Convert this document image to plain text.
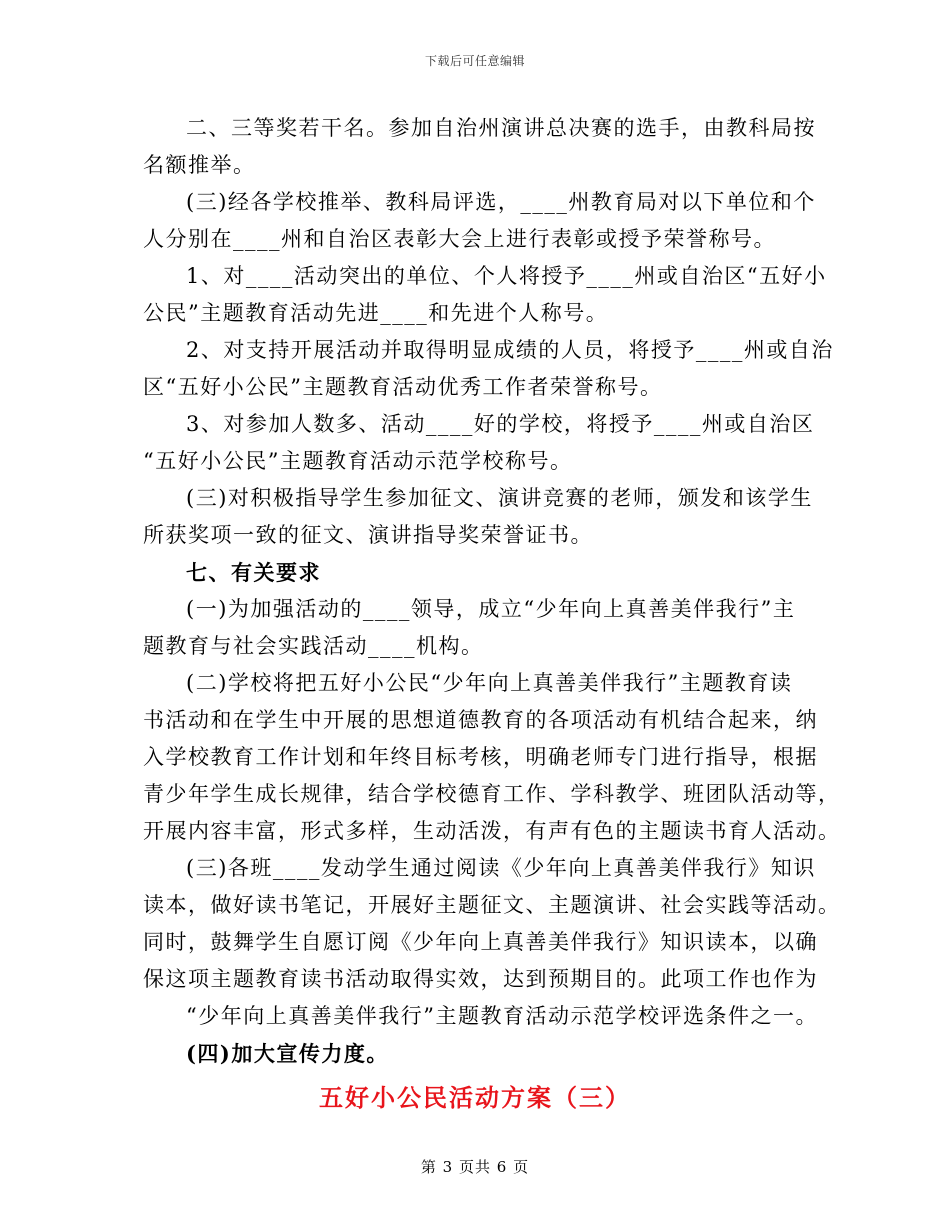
下载后可任意编辑
二、三等奖若干名。参加自治州演讲总决赛的选手，由教科局按
名额推举。
(三)经各学校推举、教科局评选，____州教育局对以下单位和个
人分别在____州和自治区表彰大会上进行表彰或授予荣誉称号。
1、对____活动突出的单位、个人将授予____州或自治区“五好小
公民”主题教育活动先进____和先进个人称号。
2、对支持开展活动并取得明显成绩的人员，将授予____州或自治
区“五好小公民”主题教育活动优秀工作者荣誉称号。
3、对参加人数多、活动____好的学校，将授予____州或自治区
“五好小公民”主题教育活动示范学校称号。
(三)对积极指导学生参加征文、演讲竞赛的老师，颁发和该学生
所获奖项一致的征文、演讲指导奖荣誉证书。
七、有关要求
(一)为加强活动的____领导，成立“少年向上真善美伴我行”主
题教育与社会实践活动____机构。
(二)学校将把五好小公民“少年向上真善美伴我行”主题教育读
书活动和在学生中开展的思想道德教育的各项活动有机结合起来，纳
入学校教育工作计划和年终目标考核，明确老师专门进行指导，根据
青少年学生成长规律，结合学校德育工作、学科教学、班团队活动等，
开展内容丰富，形式多样，生动活泼，有声有色的主题读书育人活动。
(三)各班____发动学生通过阅读《少年向上真善美伴我行》知识
读本，做好读书笔记，开展好主题征文、主题演讲、社会实践等活动。
同时，鼓舞学生自愿订阅《少年向上真善美伴我行》知识读本，以确
保这项主题教育读书活动取得实效，达到预期目的。此项工作也作为
“少年向上真善美伴我行”主题教育活动示范学校评选条件之一。
(四)加大宣传力度。
五好小公民活动方案（三）
第 3 页共 6 页
